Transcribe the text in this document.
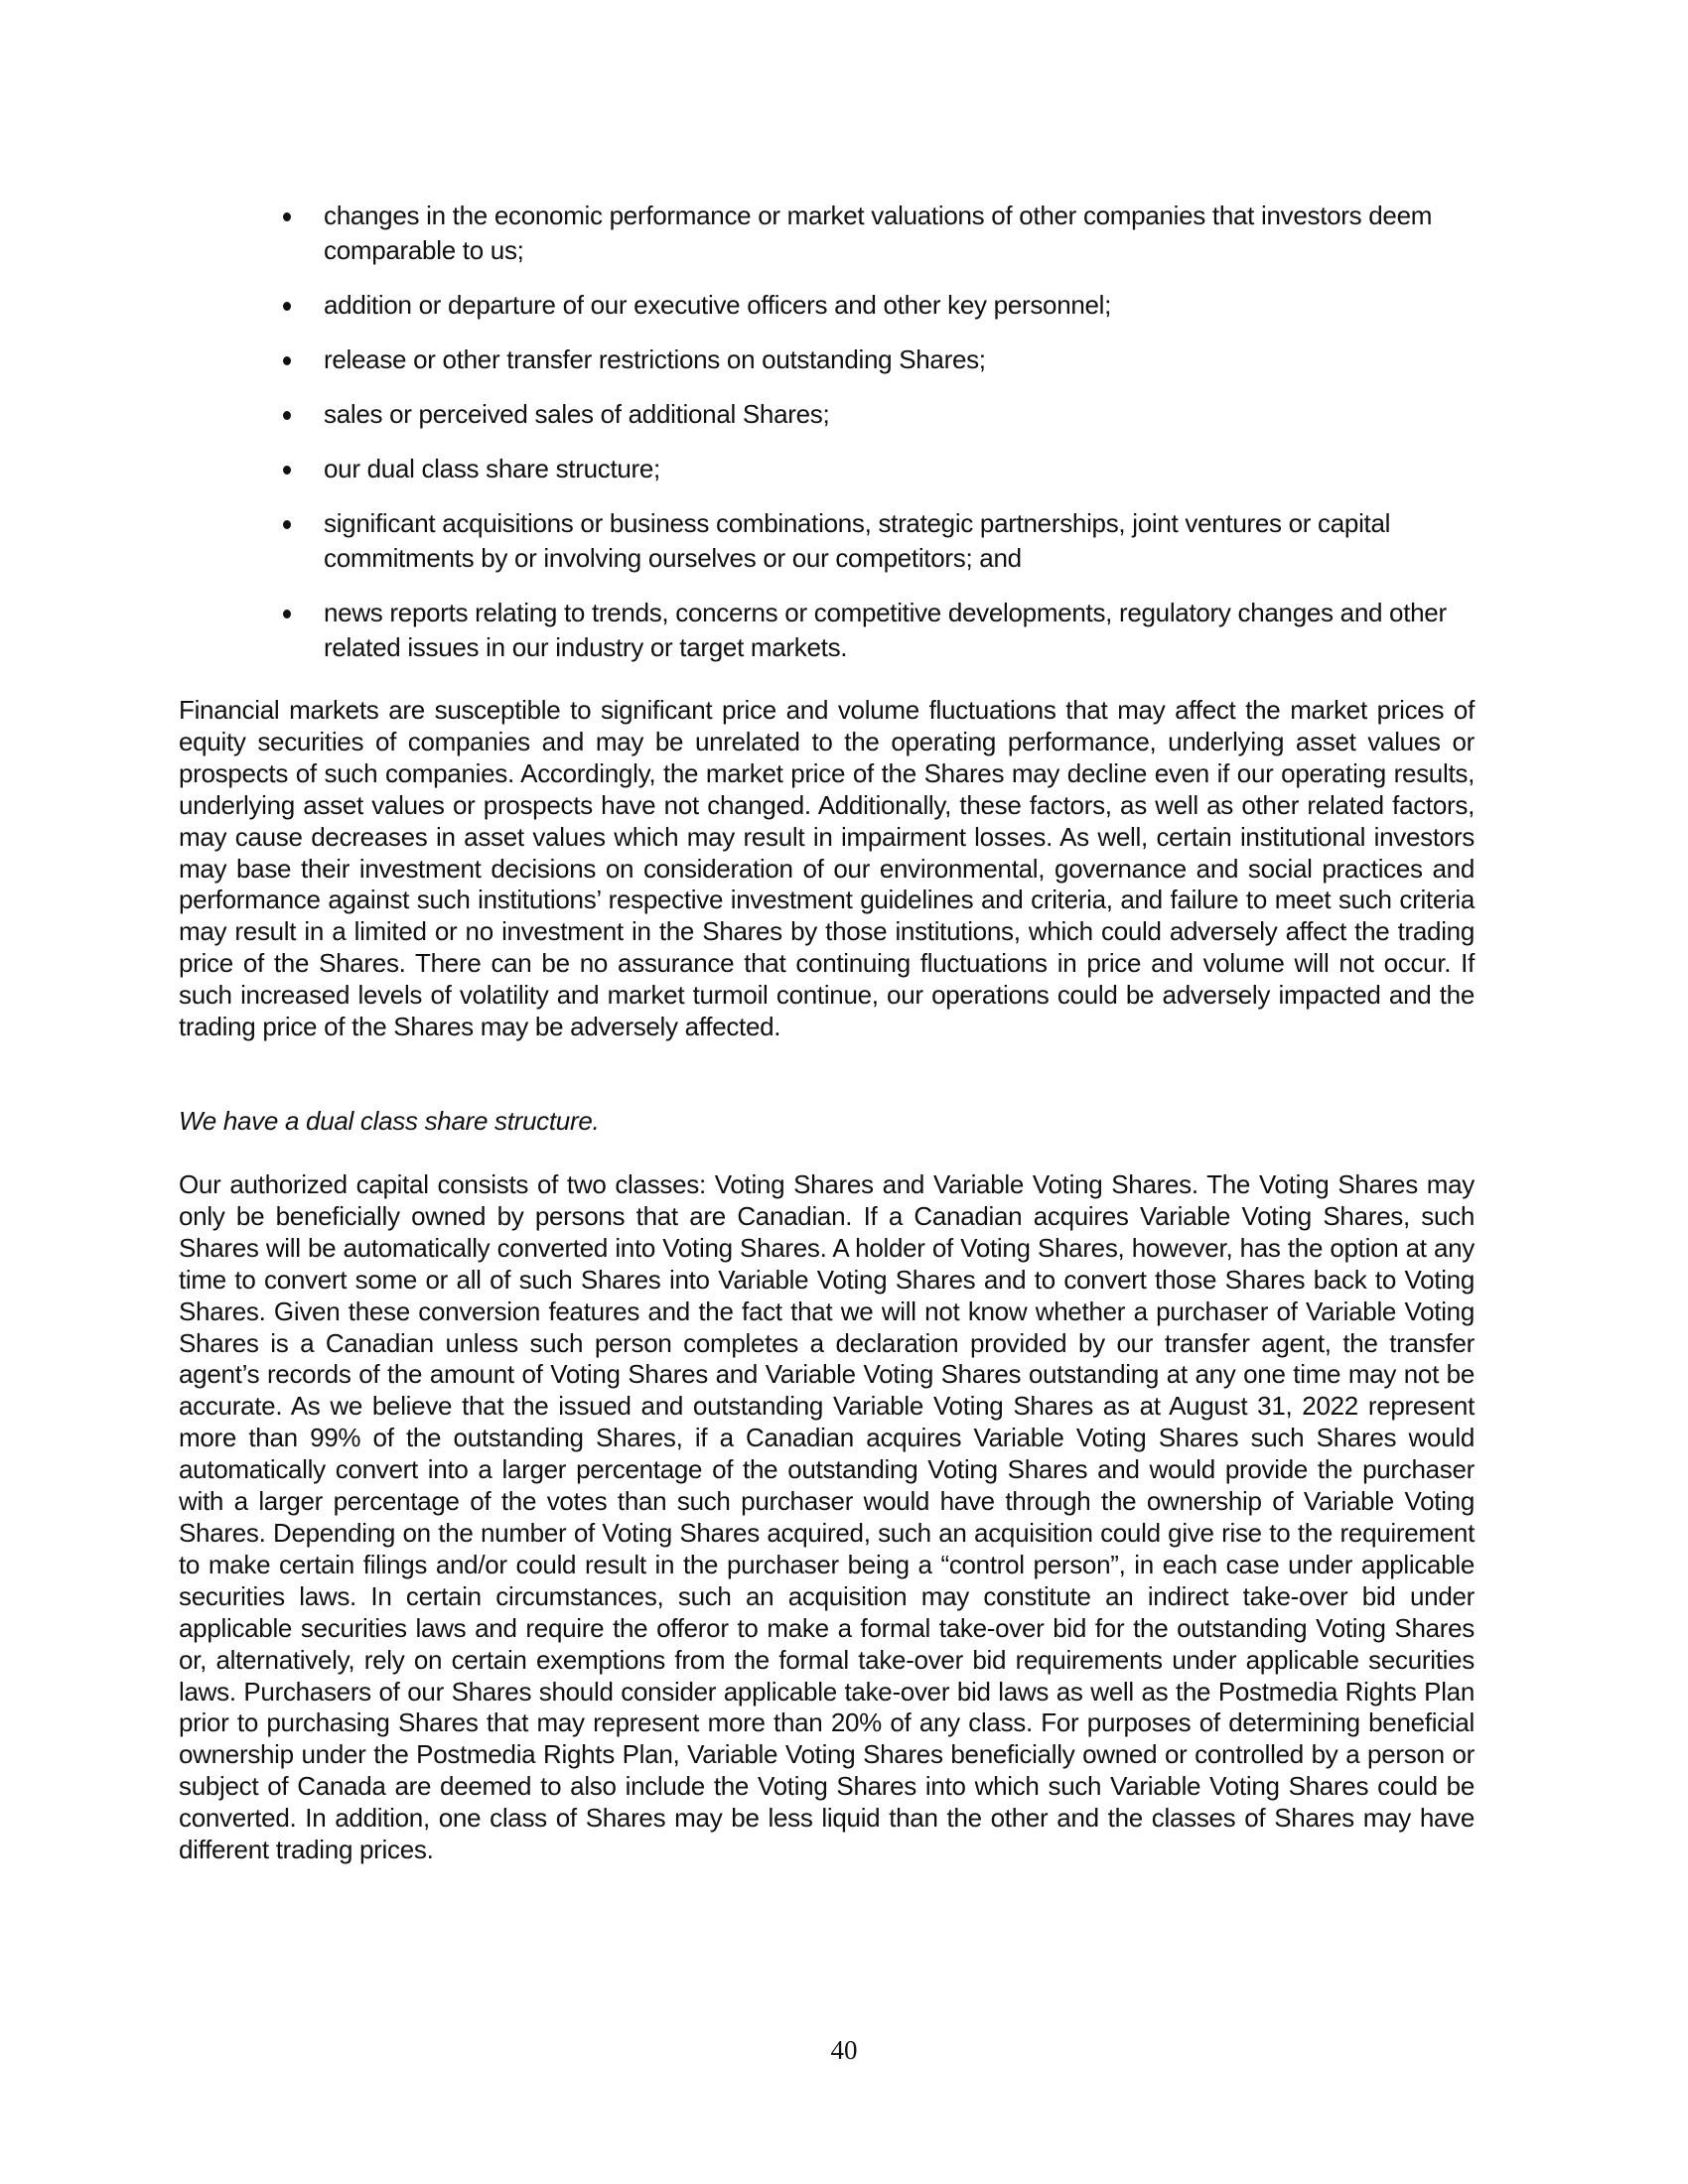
changes in the economic performance or market valuations of other companies that investors deem comparable to us;
addition or departure of our executive officers and other key personnel;
release or other transfer restrictions on outstanding Shares;
sales or perceived sales of additional Shares;
our dual class share structure;
significant acquisitions or business combinations, strategic partnerships, joint ventures or capital commitments by or involving ourselves or our competitors; and
news reports relating to trends, concerns or competitive developments, regulatory changes and other related issues in our industry or target markets.

Financial markets are susceptible to significant price and volume fluctuations that may affect the market prices of equity securities of companies and may be unrelated to the operating performance, underlying asset values or prospects of such companies. Accordingly, the market price of the Shares may decline even if our operating results, underlying asset values or prospects have not changed. Additionally, these factors, as well as other related factors, may cause decreases in asset values which may result in impairment losses. As well, certain institutional investors may base their investment decisions on consideration of our environmental, governance and social practices and performance against such institutions’ respective investment guidelines and criteria, and failure to meet such criteria may result in a limited or no investment in the Shares by those institutions, which could adversely affect the trading price of the Shares. There can be no assurance that continuing fluctuations in price and volume will not occur. If such increased levels of volatility and market turmoil continue, our operations could be adversely impacted and the trading price of the Shares may be adversely affected.

We have a dual class share structure.

Our authorized capital consists of two classes: Voting Shares and Variable Voting Shares. The Voting Shares may only be beneficially owned by persons that are Canadian. If a Canadian acquires Variable Voting Shares, such Shares will be automatically converted into Voting Shares. A holder of Voting Shares, however, has the option at any time to convert some or all of such Shares into Variable Voting Shares and to convert those Shares back to Voting Shares. Given these conversion features and the fact that we will not know whether a purchaser of Variable Voting Shares is a Canadian unless such person completes a declaration provided by our transfer agent, the transfer agent’s records of the amount of Voting Shares and Variable Voting Shares outstanding at any one time may not be accurate. As we believe that the issued and outstanding Variable Voting Shares as at August 31, 2022 represent more than 99% of the outstanding Shares, if a Canadian acquires Variable Voting Shares such Shares would automatically convert into a larger percentage of the outstanding Voting Shares and would provide the purchaser with a larger percentage of the votes than such purchaser would have through the ownership of Variable Voting Shares. Depending on the number of Voting Shares acquired, such an acquisition could give rise to the requirement to make certain filings and/or could result in the purchaser being a “control person”, in each case under applicable securities laws. In certain circumstances, such an acquisition may constitute an indirect take-over bid under applicable securities laws and require the offeror to make a formal take-over bid for the outstanding Voting Shares or, alternatively, rely on certain exemptions from the formal take-over bid requirements under applicable securities laws. Purchasers of our Shares should consider applicable take-over bid laws as well as the Postmedia Rights Plan prior to purchasing Shares that may represent more than 20% of any class. For purposes of determining beneficial ownership under the Postmedia Rights Plan, Variable Voting Shares beneficially owned or controlled by a person or subject of Canada are deemed to also include the Voting Shares into which such Variable Voting Shares could be converted. In addition, one class of Shares may be less liquid than the other and the classes of Shares may have different trading prices.

40
